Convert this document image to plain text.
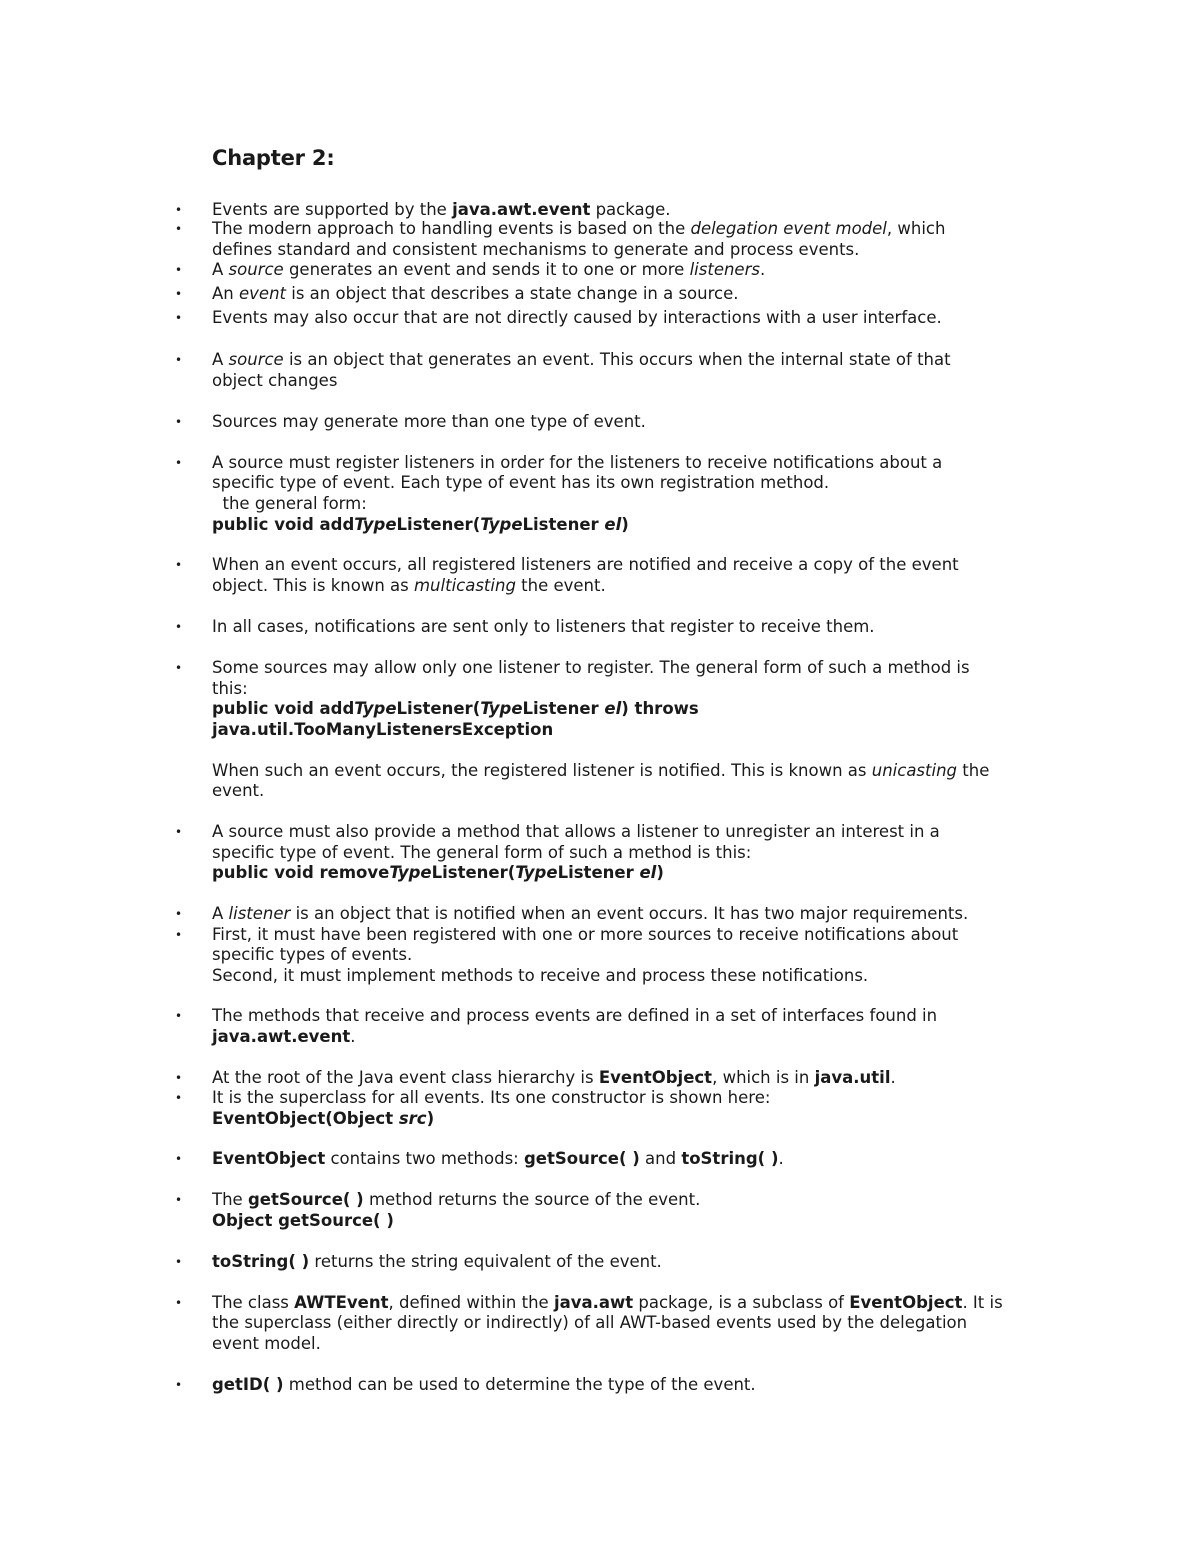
Chapter 2:
Events are supported by the java.awt.event package.
•
The modern approach to handling events is based on the delegation event model, which
•
defines standard and consistent mechanisms to generate and process events.
A source generates an event and sends it to one or more listeners.
•
An event is an object that describes a state change in a source.
•
Events may also occur that are not directly caused by interactions with a user interface.
•
A source is an object that generates an event. This occurs when the internal state of that
•
object changes
Sources may generate more than one type of event.
•
A source must register listeners in order for the listeners to receive notifications about a
•
specific type of event. Each type of event has its own registration method.
the general form:
public void addTypeListener(TypeListener el)
When an event occurs, all registered listeners are notified and receive a copy of the event
•
object. This is known as multicasting the event.
In all cases, notifications are sent only to listeners that register to receive them.
•
Some sources may allow only one listener to register. The general form of such a method is
•
this:
public void addTypeListener(TypeListener el) throws
java.util.TooManyListenersException
When such an event occurs, the registered listener is notified. This is known as unicasting the
event.
A source must also provide a method that allows a listener to unregister an interest in a
•
specific type of event. The general form of such a method is this:
public void removeTypeListener(TypeListener el)
A listener is an object that is notified when an event occurs. It has two major requirements.
•
First, it must have been registered with one or more sources to receive notifications about
•
specific types of events.
Second, it must implement methods to receive and process these notifications.
The methods that receive and process events are defined in a set of interfaces found in
•
java.awt.event.
At the root of the Java event class hierarchy is EventObject, which is in java.util.
•
It is the superclass for all events. Its one constructor is shown here:
•
EventObject(Object src)
EventObject contains two methods: getSource( ) and toString( ).
•
The getSource( ) method returns the source of the event.
•
Object getSource( )
toString( ) returns the string equivalent of the event.
•
The class AWTEvent, defined within the java.awt package, is a subclass of EventObject. It is
•
the superclass (either directly or indirectly) of all AWT-based events used by the delegation
event model.
getID( ) method can be used to determine the type of the event.
•
